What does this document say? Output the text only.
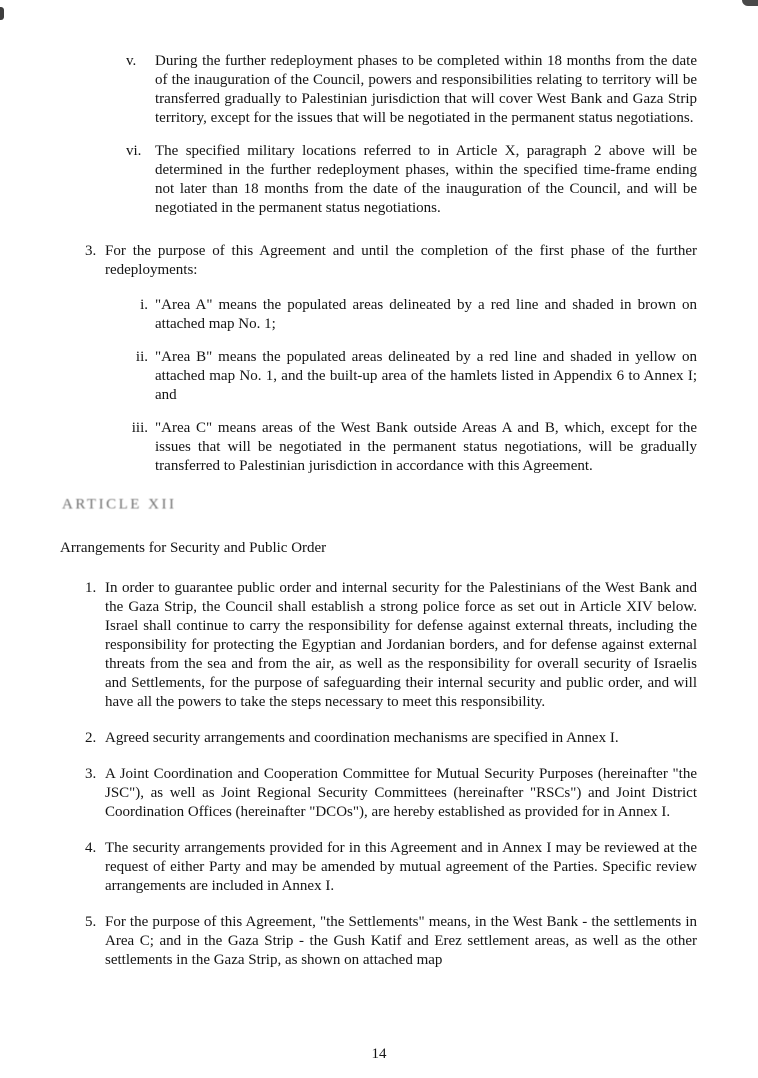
v.	During the further redeployment phases to be completed within 18 months from the date of the inauguration of the Council, powers and responsibilities relating to territory will be transferred gradually to Palestinian jurisdiction that will cover West Bank and Gaza Strip territory, except for the issues that will be negotiated in the permanent status negotiations.
vi. The specified military locations referred to in Article X, paragraph 2 above will be determined in the further redeployment phases, within the specified time-frame ending not later than 18 months from the date of the inauguration of the Council, and will be negotiated in the permanent status negotiations.
3. For the purpose of this Agreement and until the completion of the first phase of the further redeployments:
i. "Area A" means the populated areas delineated by a red line and shaded in brown on attached map No. 1;
ii. "Area B" means the populated areas delineated by a red line and shaded in yellow on attached map No. 1, and the built-up area of the hamlets listed in Appendix 6 to Annex I; and
iii. "Area C" means areas of the West Bank outside Areas A and B, which, except for the issues that will be negotiated in the permanent status negotiations, will be gradually transferred to Palestinian jurisdiction in accordance with this Agreement.
ARTICLE XII
Arrangements for Security and Public Order
1. In order to guarantee public order and internal security for the Palestinians of the West Bank and the Gaza Strip, the Council shall establish a strong police force as set out in Article XIV below. Israel shall continue to carry the responsibility for defense against external threats, including the responsibility for protecting the Egyptian and Jordanian borders, and for defense against external threats from the sea and from the air, as well as the responsibility for overall security of Israelis and Settlements, for the purpose of safeguarding their internal security and public order, and will have all the powers to take the steps necessary to meet this responsibility.
2. Agreed security arrangements and coordination mechanisms are specified in Annex I.
3. A Joint Coordination and Cooperation Committee for Mutual Security Purposes (hereinafter "the JSC"), as well as Joint Regional Security Committees (hereinafter "RSCs") and Joint District Coordination Offices (hereinafter "DCOs"), are hereby established as provided for in Annex I.
4. The security arrangements provided for in this Agreement and in Annex I may be reviewed at the request of either Party and may be amended by mutual agreement of the Parties. Specific review arrangements are included in Annex I.
5. For the purpose of this Agreement, "the Settlements" means, in the West Bank - the settlements in Area C; and in the Gaza Strip - the Gush Katif and Erez settlement areas, as well as the other settlements in the Gaza Strip, as shown on attached map
14
